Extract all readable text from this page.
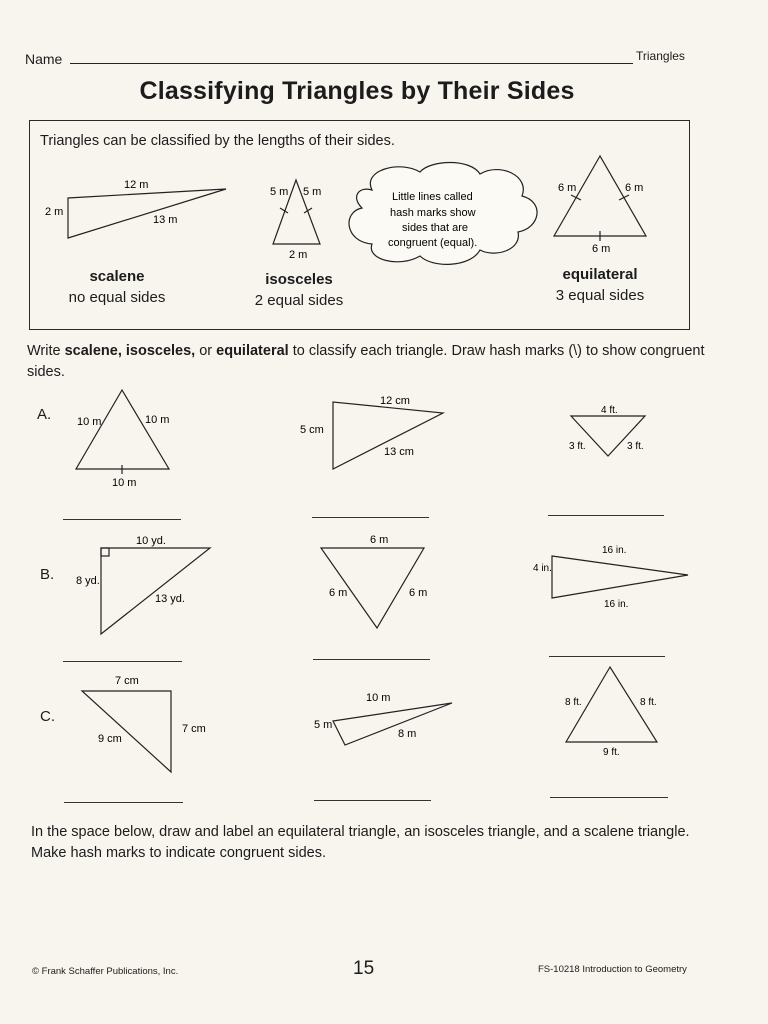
Name	Triangles
Classifying Triangles by Their Sides
Triangles can be classified by the lengths of their sides.
12 m
2 m
13 m
5 m 5 m
2 m
Little lines called
hash marks show
sides that are
congruent (equal).
6 m	6 m
6 m
10 m	10 m
10 m
12 cm
5 cm
13 cm
4 ft.
3 ft.	3 ft.
10 yd.
8 yd.
13 yd.
6 m
6 m	6 m
16 in.
4 in.
16 in.
7 cm
9 cm
7 cm
10 m
5 m
8 m
8 ft.	8 ft.
9 ft.
scalene
no equal sides
isosceles
2 equal sides
equilateral
3 equal sides
Write scalene, isosceles, or equilateral to classify each triangle. Draw hash marks (\) to show congruent sides.
A.
B.
C.
In the space below, draw and label an equilateral triangle, an isosceles triangle, and a scalene triangle. Make hash marks to indicate congruent sides.
© Frank Schaffer Publications, Inc.	15	FS-10218 Introduction to Geometry
